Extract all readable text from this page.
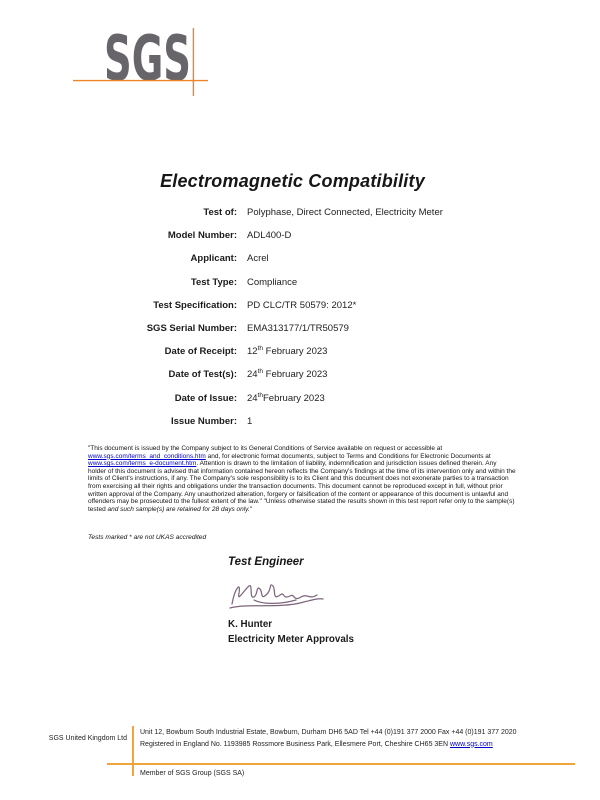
SGS
Electromagnetic Compatibility
Test of: Polyphase, Direct Connected, Electricity Meter
Model Number: ADL400-D
Applicant: Acrel
Test Type: Compliance
Test Specification: PD CLC/TR 50579: 2012*
SGS Serial Number: EMA313177/1/TR50579
Date of Receipt: 12th February 2023
Date of Test(s): 24th February 2023
Date of Issue: 24thFebruary 2023
Issue Number: 1
"This document is issued by the Company subject to its General Conditions of Service available on request or accessible at www.sgs.com/terms_and_conditions.htm and, for electronic format documents, subject to Terms and Conditions for Electronic Documents at www.sgs.com/terms_e-document.htm. Attention is drawn to the limitation of liability, indemnification and jurisdiction issues defined therein. Any holder of this document is advised that information contained hereon reflects the Company's findings at the time of its intervention only and within the limits of Client's instructions, if any. The Company's sole responsibility is to its Client and this document does not exonerate parties to a transaction from exercising all their rights and obligations under the transaction documents. This document cannot be reproduced except in full, without prior written approval of the Company. Any unauthorized alteration, forgery or falsification of the content or appearance of this document is unlawful and offenders may be prosecuted to the fullest extent of the law." "Unless otherwise stated the results shown in this test report refer only to the sample(s) tested and such sample(s) are retained for 28 days only."
Tests marked * are not UKAS accredited
Test Engineer
K. Hunter
Electricity Meter Approvals
SGS United Kingdom Ltd
Unit 12, Bowburn South Industrial Estate, Bowburn, Durham DH6 5AD Tel +44 (0)191 377 2000 Fax +44 (0)191 377 2020
Registered in England No. 1193985 Rossmore Business Park, Ellesmere Port, Cheshire CH65 3EN www.sgs.com
Member of SGS Group (SGS SA)
